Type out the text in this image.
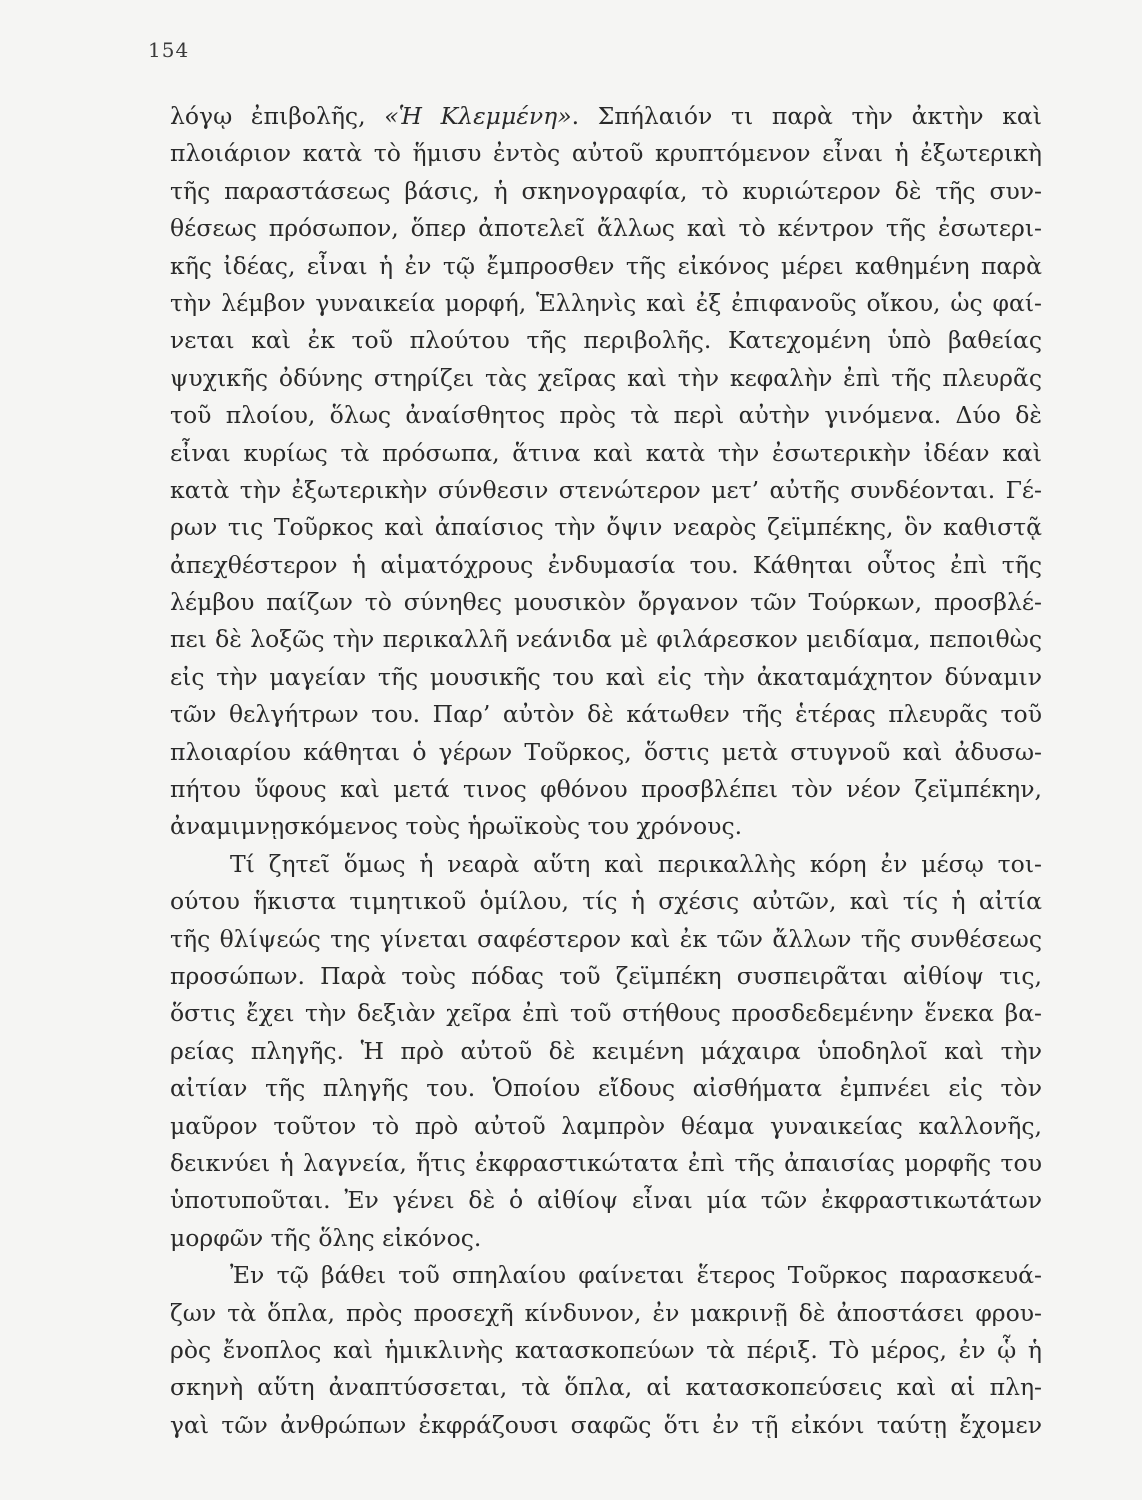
154
λόγῳ ἐπιβολῆς, «Ἡ Κλεμμένη». Σπήλαιόν τι παρὰ τὴν ἀκτὴν καὶ
πλοιάριον κατὰ τὸ ἥμισυ ἐντὸς αὐτοῦ κρυπτόμενον εἶναι ἡ ἐξωτερικὴ
τῆς παραστάσεως βάσις, ἡ σκηνογραφία, τὸ κυριώτερον δὲ τῆς συν-
θέσεως πρόσωπον, ὅπερ ἀποτελεῖ ἄλλως καὶ τὸ κέντρον τῆς ἐσωτερι-
κῆς ἰδέας, εἶναι ἡ ἐν τῷ ἔμπροσθεν τῆς εἰκόνος μέρει καθημένη παρὰ
τὴν λέμβον γυναικεία μορφή, Ἑλληνὶς καὶ ἐξ ἐπιφανοῦς οἴκου, ὡς φαί-
νεται καὶ ἐκ τοῦ πλούτου τῆς περιβολῆς. Κατεχομένη ὑπὸ βαθείας
ψυχικῆς ὀδύνης στηρίζει τὰς χεῖρας καὶ τὴν κεφαλὴν ἐπὶ τῆς πλευρᾶς
τοῦ πλοίου, ὅλως ἀναίσθητος πρὸς τὰ περὶ αὐτὴν γινόμενα. Δύο δὲ
εἶναι κυρίως τὰ πρόσωπα, ἅτινα καὶ κατὰ τὴν ἐσωτερικὴν ἰδέαν καὶ
κατὰ τὴν ἐξωτερικὴν σύνθεσιν στενώτερον μετ’ αὐτῆς συνδέονται. Γέ-
ρων τις Τοῦρκος καὶ ἀπαίσιος τὴν ὄψιν νεαρὸς ζεϊμπέκης, ὃν καθιστᾷ
ἀπεχθέστερον ἡ αἱματόχρους ἐνδυμασία του. Κάθηται οὗτος ἐπὶ τῆς
λέμβου παίζων τὸ σύνηθες μουσικὸν ὄργανον τῶν Τούρκων, προσβλέ-
πει δὲ λοξῶς τὴν περικαλλῆ νεάνιδα μὲ φιλάρεσκον μειδίαμα, πεποιθὼς
εἰς τὴν μαγείαν τῆς μουσικῆς του καὶ εἰς τὴν ἀκαταμάχητον δύναμιν
τῶν θελγήτρων του. Παρ’ αὐτὸν δὲ κάτωθεν τῆς ἑτέρας πλευρᾶς τοῦ
πλοιαρίου κάθηται ὁ γέρων Τοῦρκος, ὅστις μετὰ στυγνοῦ καὶ ἀδυσω-
πήτου ὕφους καὶ μετά τινος φθόνου προσβλέπει τὸν νέον ζεϊμπέκην,
ἀναμιμνῃσκόμενος τοὺς ἡρωϊκοὺς του χρόνους.
Τί ζητεῖ ὅμως ἡ νεαρὰ αὕτη καὶ περικαλλὴς κόρη ἐν μέσῳ τοι-
ούτου ἥκιστα τιμητικοῦ ὁμίλου, τίς ἡ σχέσις αὐτῶν, καὶ τίς ἡ αἰτία
τῆς θλίψεώς της γίνεται σαφέστερον καὶ ἐκ τῶν ἄλλων τῆς συνθέσεως
προσώπων. Παρὰ τοὺς πόδας τοῦ ζεϊμπέκη συσπειρᾶται αἰθίοψ τις,
ὅστις ἔχει τὴν δεξιὰν χεῖρα ἐπὶ τοῦ στήθους προσδεδεμένην ἕνεκα βα-
ρείας πληγῆς. Ἡ πρὸ αὐτοῦ δὲ κειμένη μάχαιρα ὑποδηλοῖ καὶ τὴν
αἰτίαν τῆς πληγῆς του. Ὁποίου εἴδους αἰσθήματα ἐμπνέει εἰς τὸν
μαῦρον τοῦτον τὸ πρὸ αὐτοῦ λαμπρὸν θέαμα γυναικείας καλλονῆς,
δεικνύει ἡ λαγνεία, ἥτις ἐκφραστικώτατα ἐπὶ τῆς ἀπαισίας μορφῆς του
ὑποτυποῦται. Ἐν γένει δὲ ὁ αἰθίοψ εἶναι μία τῶν ἐκφραστικωτάτων
μορφῶν τῆς ὅλης εἰκόνος.
Ἐν τῷ βάθει τοῦ σπηλαίου φαίνεται ἕτερος Τοῦρκος παρασκευά-
ζων τὰ ὅπλα, πρὸς προσεχῆ κίνδυνον, ἐν μακρινῇ δὲ ἀποστάσει φρου-
ρὸς ἔνοπλος καὶ ἡμικλινὴς κατασκοπεύων τὰ πέριξ. Τὸ μέρος, ἐν ᾧ ἡ
σκηνὴ αὕτη ἀναπτύσσεται, τὰ ὅπλα, αἱ κατασκοπεύσεις καὶ αἱ πλη-
γαὶ τῶν ἀνθρώπων ἐκφράζουσι σαφῶς ὅτι ἐν τῇ εἰκόνι ταύτῃ ἔχομεν
